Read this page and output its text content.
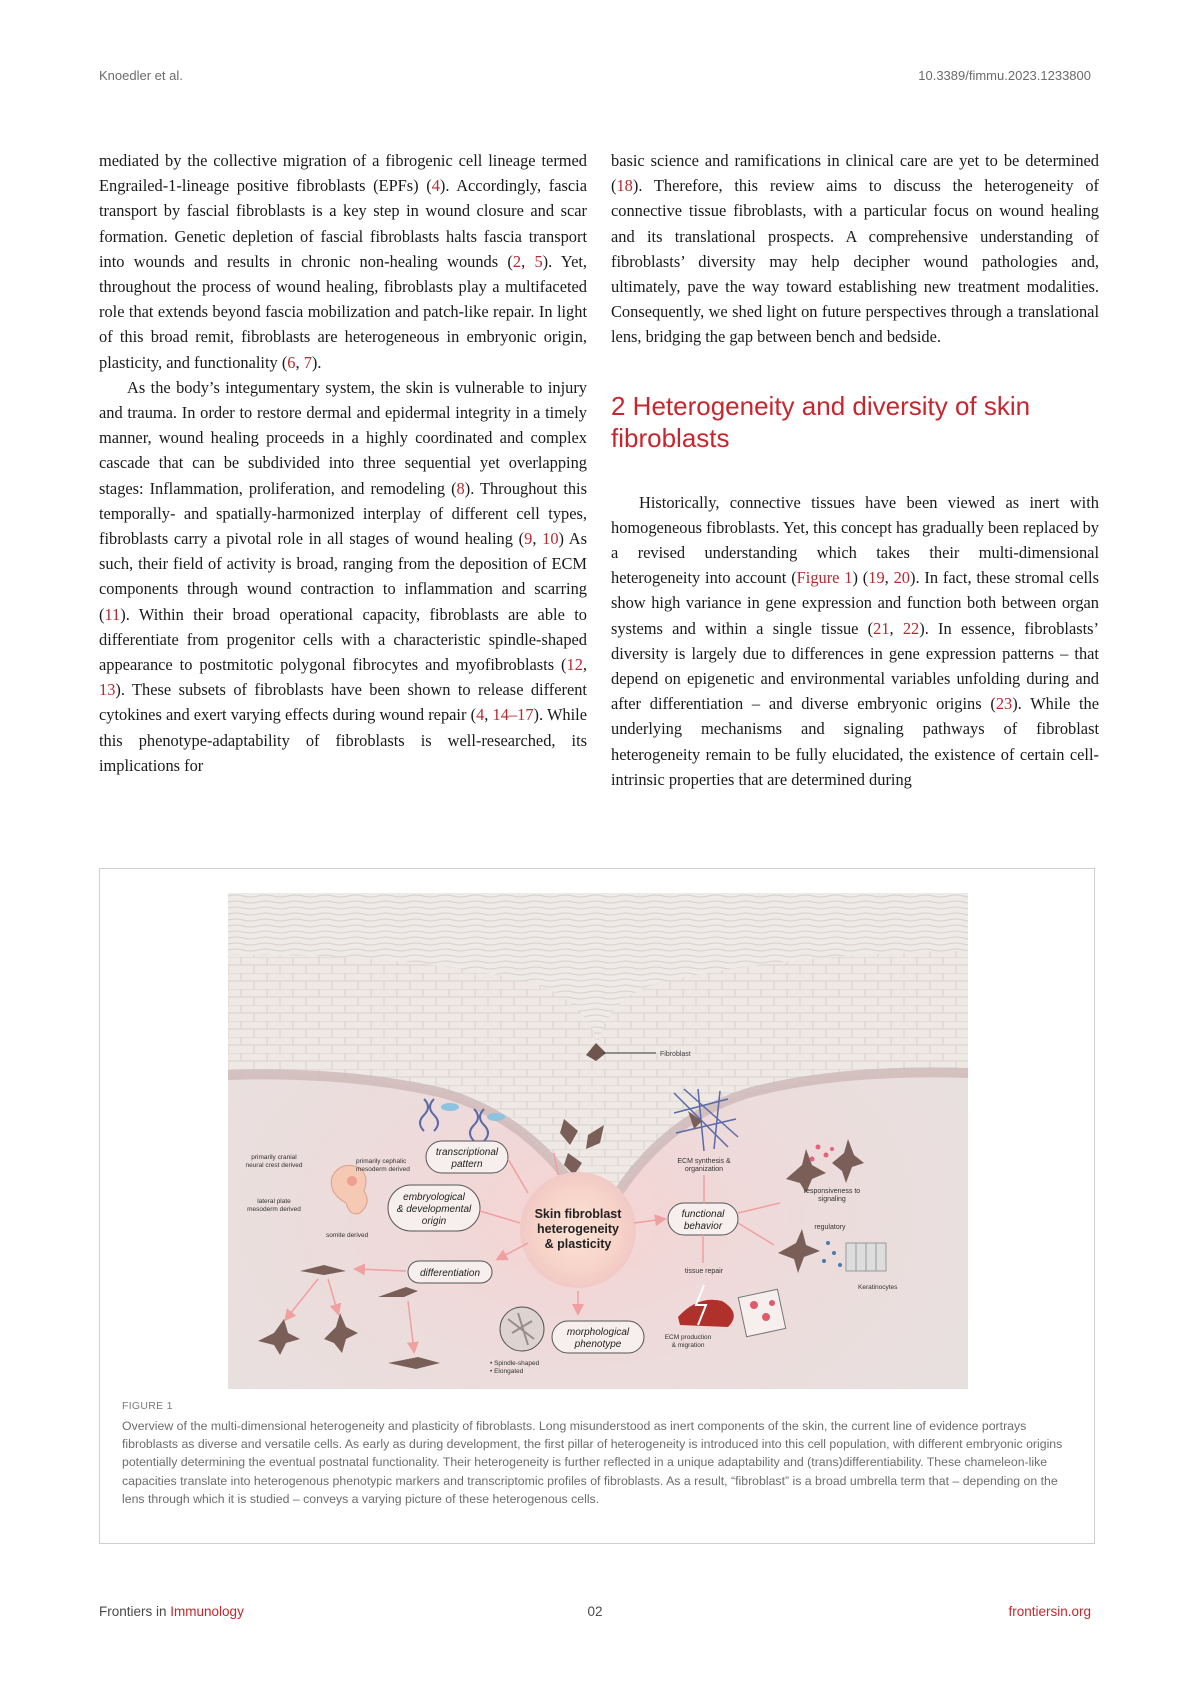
Knoedler et al.	10.3389/fimmu.2023.1233800

mediated by the collective migration of a fibrogenic cell lineage termed Engrailed-1-lineage positive fibroblasts (EPFs) (4). Accordingly, fascia transport by fascial fibroblasts is a key step in wound closure and scar formation. Genetic depletion of fascial fibroblasts halts fascia transport into wounds and results in chronic non-healing wounds (2, 5). Yet, throughout the process of wound healing, fibroblasts play a multifaceted role that extends beyond fascia mobilization and patch-like repair. In light of this broad remit, fibroblasts are heterogeneous in embryonic origin, plasticity, and functionality (6, 7).

As the body’s integumentary system, the skin is vulnerable to injury and trauma. In order to restore dermal and epidermal integrity in a timely manner, wound healing proceeds in a highly coordinated and complex cascade that can be subdivided into three sequential yet overlapping stages: Inflammation, proliferation, and remodeling (8). Throughout this temporally- and spatially-harmonized interplay of different cell types, fibroblasts carry a pivotal role in all stages of wound healing (9, 10) As such, their field of activity is broad, ranging from the deposition of ECM components through wound contraction to inflammation and scarring (11). Within their broad operational capacity, fibroblasts are able to differentiate from progenitor cells with a characteristic spindle-shaped appearance to postmitotic polygonal fibrocytes and myofibroblasts (12, 13). These subsets of fibroblasts have been shown to release different cytokines and exert varying effects during wound repair (4, 14–17). While this phenotype-adaptability of fibroblasts is well-researched, its implications for

basic science and ramifications in clinical care are yet to be determined (18). Therefore, this review aims to discuss the heterogeneity of connective tissue fibroblasts, with a particular focus on wound healing and its translational prospects. A comprehensive understanding of fibroblasts’ diversity may help decipher wound pathologies and, ultimately, pave the way toward establishing new treatment modalities. Consequently, we shed light on future perspectives through a translational lens, bridging the gap between bench and bedside.

2 Heterogeneity and diversity of skin fibroblasts

Historically, connective tissues have been viewed as inert with homogeneous fibroblasts. Yet, this concept has gradually been replaced by a revised understanding which takes their multi-dimensional heterogeneity into account (Figure 1) (19, 20). In fact, these stromal cells show high variance in gene expression and function both between organ systems and within a single tissue (21, 22). In essence, fibroblasts’ diversity is largely due to differences in gene expression patterns – that depend on epigenetic and environmental variables unfolding during and after differentiation – and diverse embryonic origins (23). While the underlying mechanisms and signaling pathways of fibroblast heterogeneity remain to be fully elucidated, the existence of certain cell-intrinsic properties that are determined during

Fibroblast
Skin fibroblast
heterogeneity
& plasticity
transcriptional
pattern
embryological
& developmental
origin
primarily cranial
neural crest derived
primarily cephalic
mesoderm derived
lateral plate
mesoderm derived
somite derived
differentiation
morphological
phenotype
• Spindle-shaped
• Elongated
functional
behavior
ECM synthesis &
organization
responsiveness to
signaling
regulatory
Keratinocytes
tissue repair
ECM production
& migration
FIGURE 1
Overview of the multi-dimensional heterogeneity and plasticity of fibroblasts. Long misunderstood as inert components of the skin, the current line of evidence portrays fibroblasts as diverse and versatile cells. As early as during development, the first pillar of heterogeneity is introduced into this cell population, with different embryonic origins potentially determining the eventual postnatal functionality. Their heterogeneity is further reflected in a unique adaptability and (trans)differentiability. These chameleon-like capacities translate into heterogenous phenotypic markers and transcriptomic profiles of fibroblasts. As a result, “fibroblast” is a broad umbrella term that – depending on the lens through which it is studied – conveys a varying picture of these heterogenous cells.
Frontiers in Immunology	02	frontiersin.org
